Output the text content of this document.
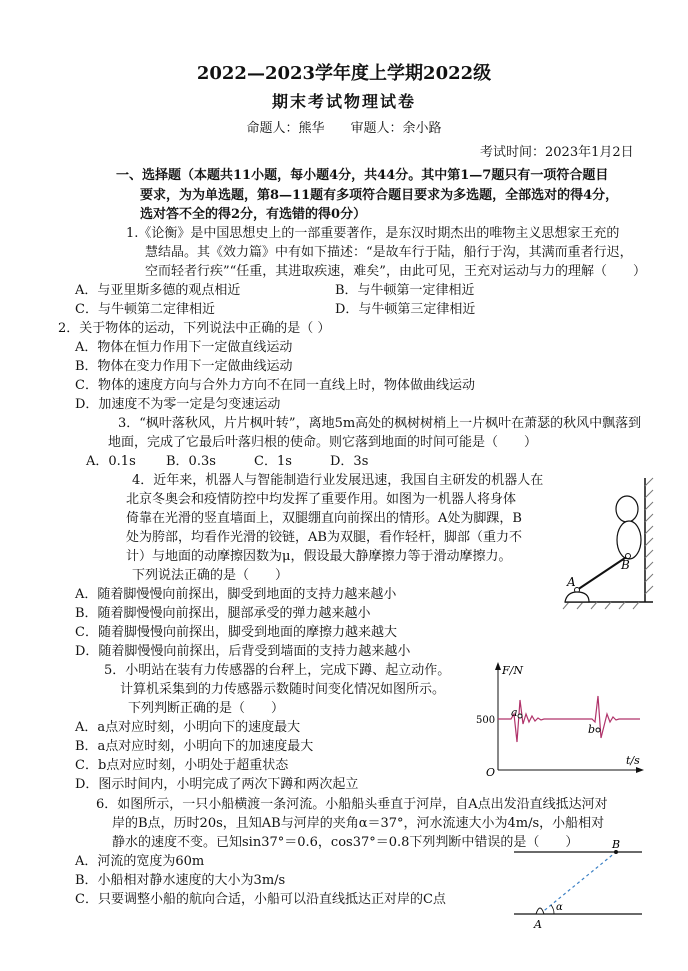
2022—2023学年度上学期2022级
期末考试物理试卷
命题人：熊华　　审题人：余小路
考试时间：2023年1月2日
一、选择题（本题共11小题，每小题4分，共44分。其中第1—7题只有一项符合题目
要求，为为单选题，第8—11题有多项符合题目要求为多选题，全部选对的得4分，
选对答不全的得2分，有选错的得0分）
1.《论衡》是中国思想史上的一部重要著作，是东汉时期杰出的唯物主义思想家王充的
慧结晶。其《效力篇》中有如下描述：“是故车行于陆，船行于沟，其满而重者行迟，
空而轻者行疾”“任重，其进取疾速，难矣”，由此可见，王充对运动与力的理解（　　）
A．与亚里斯多德的观点相近	B．与牛顿第一定律相近
C．与牛顿第二定律相近	D．与牛顿第三定律相近
2．关于物体的运动，下列说法中正确的是（ ）
A．物体在恒力作用下一定做直线运动
B．物体在变力作用下一定做曲线运动
C．物体的速度方向与合外力方向不在同一直线上时，物体做曲线运动
D．加速度不为零一定是匀变速运动
3．“枫叶落秋风，片片枫叶转”，离地5m高处的枫树树梢上一片枫叶在萧瑟的秋风中飘落到
地面，完成了它最后叶落归根的使命。则它落到地面的时间可能是（　　）
A．0.1s B．0.3s	C．1s	D．3s
4．近年来，机器人与智能制造行业发展迅速，我国自主研发的机器人在
北京冬奥会和疫情防控中均发挥了重要作用。如图为一机器人将身体
倚靠在光滑的竖直墙面上，双腿绷直向前探出的情形。A处为脚踝，B
处为胯部，均看作光滑的铰链，AB为双腿，看作轻杆，脚部（重力不
计）与地面的动摩擦因数为μ，假设最大静摩擦力等于滑动摩擦力。
下列说法正确的是（　　）
A．随着脚慢慢向前探出，脚受到地面的支持力越来越小
B．随着脚慢慢向前探出，腿部承受的弹力越来越小
C．随着脚慢慢向前探出，脚受到地面的摩擦力越来越大
D．随着脚慢慢向前探出，后背受到墙面的支持力越来越小
A
B
5．小明站在装有力传感器的台秤上，完成下蹲、起立动作。
计算机采集到的力传感器示数随时间变化情况如图所示。
下列判断正确的是（　　）
A．a点对应时刻，小明向下的速度最大
B．a点对应时刻，小明向下的加速度最大
C．b点对应时刻，小明处于超重状态
D．图示时间内，小明完成了两次下蹲和两次起立
F/N
t/s
O
500
a
b
6．如图所示，一只小船横渡一条河流。小船船头垂直于河岸，自A点出发沿直线抵达河对
岸的B点，历时20s，且知AB与河岸的夹角α＝37°，河水流速大小为4m/s，小船相对
静水的速度不变。已知sin37°＝0.6，cos37°＝0.8下列判断中错误的是（　　）
A．河流的宽度为60m
B．小船相对静水速度的大小为3m/s
C．只要调整小船的航向合适，小船可以沿直线抵达正对岸的C点
B
A
α
